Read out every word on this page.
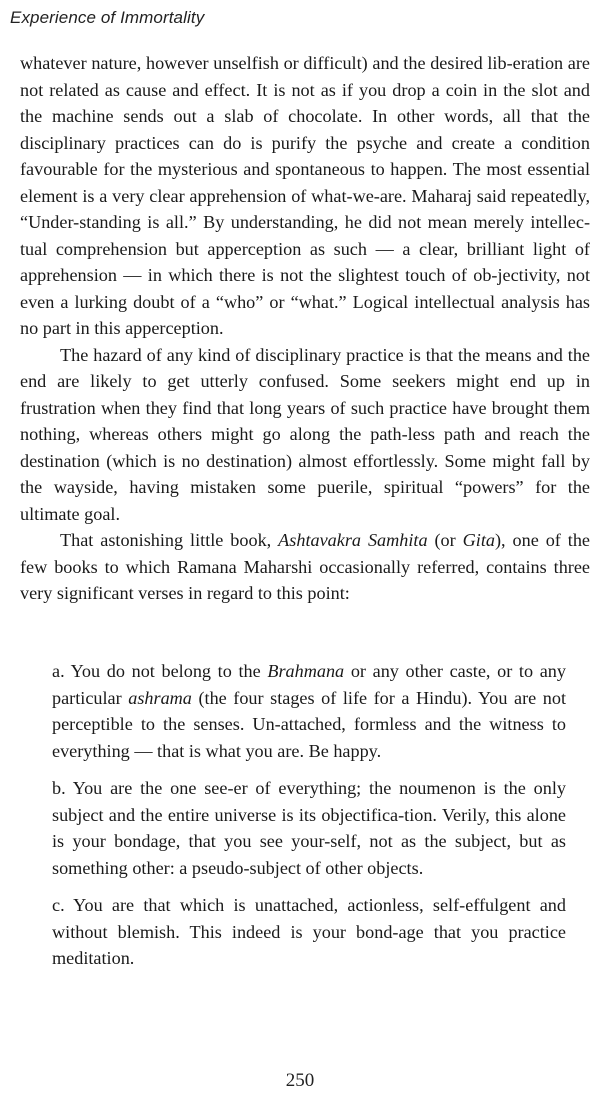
Experience of Immortality

whatever nature, however unselfish or difficult) and the desired lib-eration are not related as cause and effect. It is not as if you drop a coin in the slot and the machine sends out a slab of chocolate. In other words, all that the disciplinary practices can do is purify the psyche and create a condition favourable for the mysterious and spontaneous to happen. The most essential element is a very clear apprehension of what-we-are. Maharaj said repeatedly, “Under-standing is all.” By understanding, he did not mean merely intellec-tual comprehension but apperception as such — a clear, brilliant light of apprehension — in which there is not the slightest touch of ob-jectivity, not even a lurking doubt of a “who” or “what.” Logical intellectual analysis has no part in this apperception.

The hazard of any kind of disciplinary practice is that the means and the end are likely to get utterly confused. Some seekers might end up in frustration when they find that long years of such practice have brought them nothing, whereas others might go along the path-less path and reach the destination (which is no destination) almost effortlessly. Some might fall by the wayside, having mistaken some puerile, spiritual “powers” for the ultimate goal.

That astonishing little book, Ashtavakra Samhita (or Gita), one of the few books to which Ramana Maharshi occasionally referred, contains three very significant verses in regard to this point:

a. You do not belong to the Brahmana or any other caste, or to any particular ashrama (the four stages of life for a Hindu). You are not perceptible to the senses. Un-attached, formless and the witness to everything — that is what you are. Be happy.

b. You are the one see-er of everything; the noumenon is the only subject and the entire universe is its objectifica-tion. Verily, this alone is your bondage, that you see your-self, not as the subject, but as something other: a pseudo-subject of other objects.

c. You are that which is unattached, actionless, self-effulgent and without blemish. This indeed is your bond-age that you practice meditation.

250
